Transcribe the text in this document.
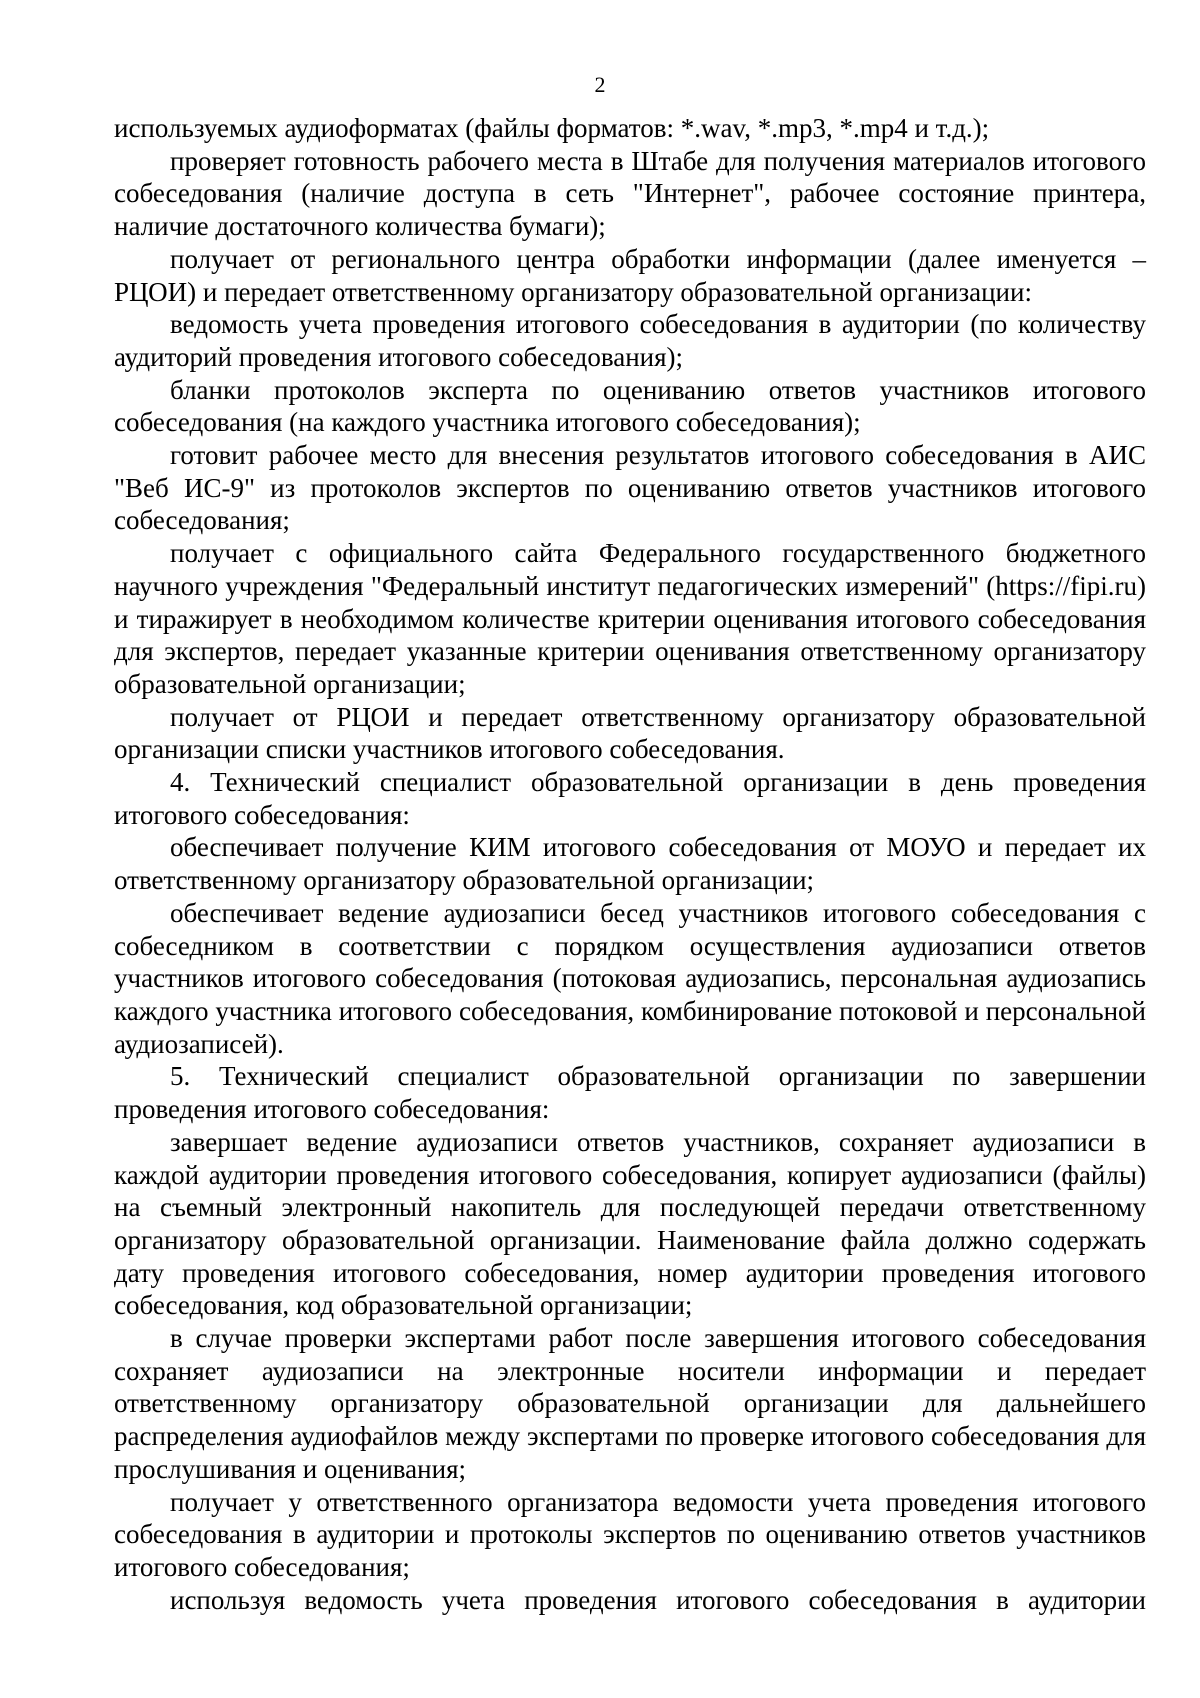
2

используемых аудиоформатах (файлы форматов: *.wav, *.mp3, *.mp4 и т.д.);

проверяет готовность рабочего места в Штабе для получения материалов итогового собеседования (наличие доступа в сеть "Интернет", рабочее состояние принтера, наличие достаточного количества бумаги);

получает от регионального центра обработки информации (далее именуется – РЦОИ) и передает ответственному организатору образовательной организации:

ведомость учета проведения итогового собеседования в аудитории (по количеству аудиторий проведения итогового собеседования);

бланки протоколов эксперта по оцениванию ответов участников итогового собеседования (на каждого участника итогового собеседования);

готовит рабочее место для внесения результатов итогового собеседования в АИС "Веб ИС-9" из протоколов экспертов по оцениванию ответов участников итогового собеседования;

получает с официального сайта Федерального государственного бюджетного научного учреждения "Федеральный институт педагогических измерений" (https://fipi.ru) и тиражирует в необходимом количестве критерии оценивания итогового собеседования для экспертов, передает указанные критерии оценивания ответственному организатору образовательной организации;

получает от РЦОИ и передает ответственному организатору образовательной организации списки участников итогового собеседования.

4. Технический специалист образовательной организации в день проведения итогового собеседования:

обеспечивает получение КИМ итогового собеседования от МОУО и передает их ответственному организатору образовательной организации;

обеспечивает ведение аудиозаписи бесед участников итогового собеседования с собеседником в соответствии с порядком осуществления аудиозаписи ответов участников итогового собеседования (потоковая аудиозапись, персональная аудиозапись каждого участника итогового собеседования, комбинирование потоковой и персональной аудиозаписей).

5. Технический специалист образовательной организации по завершении проведения итогового собеседования:

завершает ведение аудиозаписи ответов участников, сохраняет аудиозаписи в каждой аудитории проведения итогового собеседования, копирует аудиозаписи (файлы) на съемный электронный накопитель для последующей передачи ответственному организатору образовательной организации. Наименование файла должно содержать дату проведения итогового собеседования, номер аудитории проведения итогового собеседования, код образовательной организации;

в случае проверки экспертами работ после завершения итогового собеседования сохраняет аудиозаписи на электронные носители информации и передает ответственному организатору образовательной организации для дальнейшего распределения аудиофайлов между экспертами по проверке итогового собеседования для прослушивания и оценивания;

получает у ответственного организатора ведомости учета проведения итогового собеседования в аудитории и протоколы экспертов по оцениванию ответов участников итогового собеседования;

используя ведомость учета проведения итогового собеседования в аудитории
